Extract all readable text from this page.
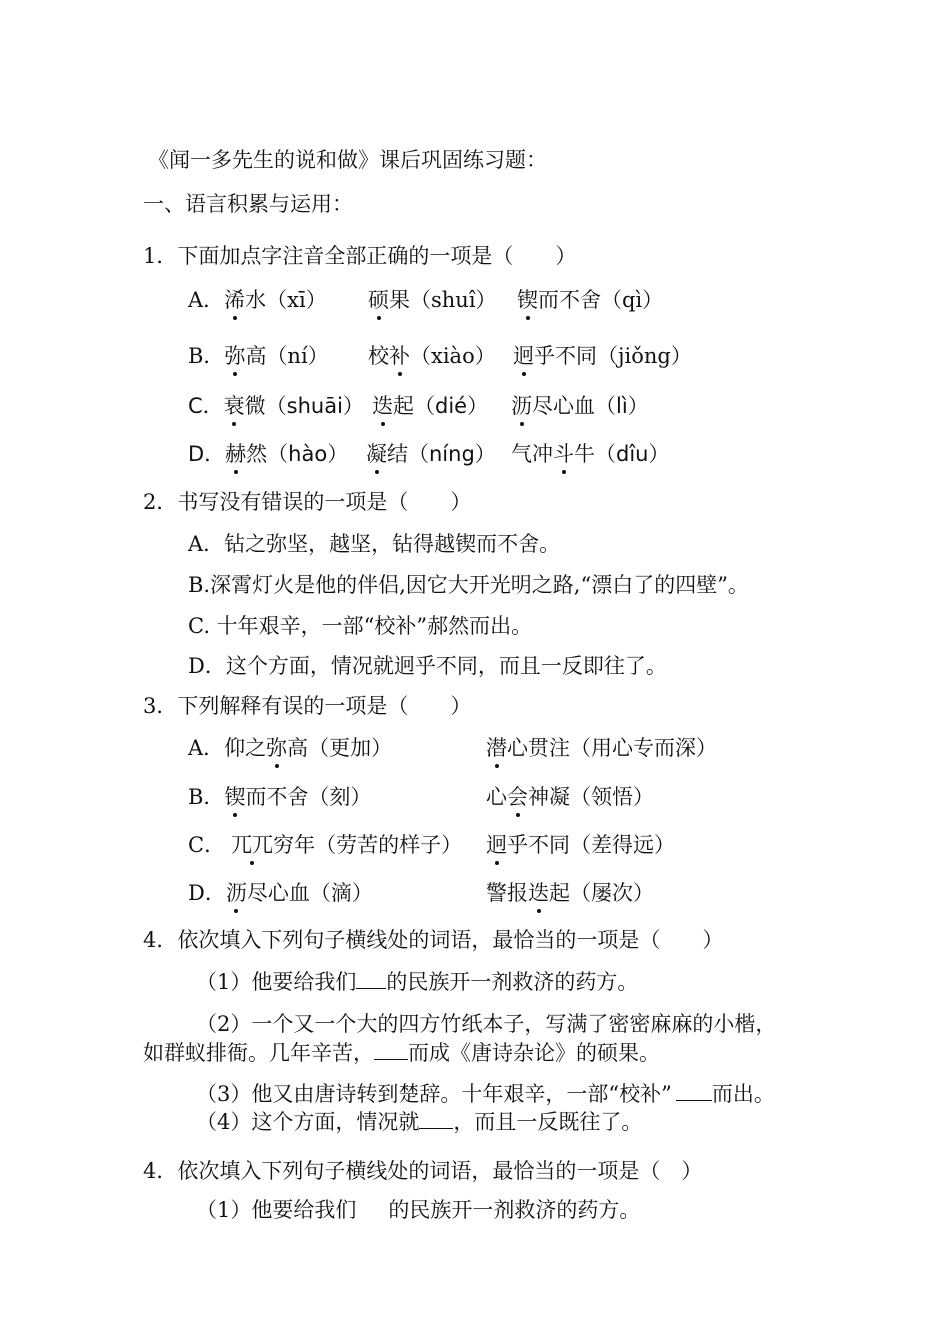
《闻一多先生的说和做》课后巩固练习题：
一、语言积累与运用：
1．下面加点字注音全部正确的一项是（　　）
A．浠水（xī） 硕果（shuî） 锲而不舍（qì）
B．弥高（ní） 校补（xiào） 迥乎不同（jiǒng）
C．衰微（shuāi） 迭起（dié） 沥尽心血（lì）
D．赫然（hào） 凝结（níng） 气冲斗牛（dîu）
2．书写没有错误的一项是（　　）
A．钻之弥坚，越坚，钻得越锲而不舍。
B.深霄灯火是他的伴侣,因它大开光明之路,“漂白了的四壁”。
C. 十年艰辛，一部“校补”郝然而出。
D．这个方面，情况就迥乎不同，而且一反即往了。
3．下列解释有误的一项是（　　）
A．仰之弥高（更加）	潜心贯注（用心专而深）
B．锲而不舍（刻）	心会神凝（领悟）
C． 兀兀穷年（劳苦的样子） 迥乎不同（差得远）
D．沥尽心血（滴）	警报迭起（屡次）
4．依次填入下列句子横线处的词语，最恰当的一项是（　　）
（1）他要给我们 的民族开一剂救济的药方。
（2）一个又一个大的四方竹纸本子，写满了密密麻麻的小楷，
如群蚁排衙。几年辛苦， 而成《唐诗杂论》的硕果。
（3）他又由唐诗转到楚辞。十年艰辛，一部“校补” 而出。
（4）这个方面，情况就 ，而且一反既往了。
4．依次填入下列句子横线处的词语，最恰当的一项是（　）
（1）他要给我们 的民族开一剂救济的药方。
